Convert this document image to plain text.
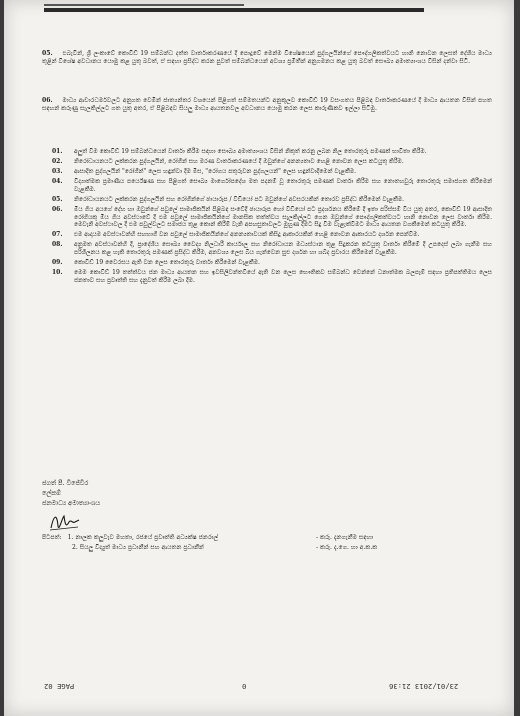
05. එබැවින්, ශ්‍රී ලංකාවේ කොවිඩ් 19 සම්බන්ධ දත්ත වාර්තාකරණයේ දී පොදුවේ මෙන්ම විශේෂයෙන් පුද්ගලයින්ගේ පෞද්ගලිකත්වයට හානි නොවන ලෙසත් දේශීය මාධ්‍ය තුළින් විශේෂ අවධානය යොමු කළ යුතු බවත්, ඒ සඳහා ප්‍රසිද්ධ කරන පුවත් සම්බන්ධයෙන් අවශ්‍ය ප්‍රමිතීන් අනුගමනය කළ යුතු බවත් සෞඛ්‍ය අමාත්‍යාංශය විසින් දන්වා සිටී.
06. මාධ්‍ය ආචාරධර්මවලට අනුගත වෙමින් ජාත්‍යන්තර වශයෙන් පිළිගත් සම්මතයන්ට අනුකූලව කොවිඩ් 19 වසංගතය පිළිබඳ වාර්තාකරණයේ දී මාධ්‍ය ආයතන විසින් පහත සඳහන් කරුණු සැලකිල්ලට ගත යුතු අතර, ඒ පිළිබඳව සියලු මාධ්‍ය ආයතනවල අවධානය යොමු කරන ලෙස කාරුණිකව ඉල්ලා සිටිමු.
01. අලුත් වීම කොවිඩ් 19 සම්බන්ධයෙන් වාර්තා කිරීම සඳහා සෞඛ්‍ය අමාත්‍යාංශය විසින් නිකුත් කරනු ලබන නිල තොරතුරු පමණක් භාවිතා කිරීම.
02. නිරෝධායනයට ලක්කරන පුද්ගලයින්, රෝගීන් සහ මරණ වාර්තාකරණයේ දී ඔවුන්ගේ අනන්‍යතාව හෙළි නොවන ලෙස කටයුතු කිරීම.
03. ආසාදිත පුද්ගලයින් "රෝගීන්" ලෙස හඳුන්වා දීම මිස, "රෝගය පතුරුවන පුද්ගලයන්" ලෙස හඳුන්වාදීමෙන් වැළකීම.
04. විද්‍යාත්මක ප්‍රමාණීය පර්යේෂණ සහ පිළිගත් සෞඛ්‍ය මාර්ගෝපදේශ මත පදනම් වූ තොරතුරු පමණක් වාර්තා කිරීම සහ නොතහවුරු තොරතුරු සමාජගත කිරීමෙන් වැළකීම.
05. නිරෝධායනයට ලක්කරන පුද්ගලයින් සහ රෝගීන්ගේ ඡායාරූප / වීඩියෝ පට ඔවුන්ගේ අවසරයකින් තොරව ප්‍රසිද්ධ කිරීමෙන් වැළකීම.
06. මිය ගිය අයගේ දේහ හා ඔවුන්ගේ පවුලේ සාමාජිකයින් පිළිබඳ සංවේදී ඡායාරූප හෝ වීඩියෝ පට ප්‍රදර්ශනය කිරීමේ දී ඉතා පරිස්සම් විය යුතු අතර, කොවිඩ් 19 ආසාදිත රෝගියකු මිය ගිය අවස්ථාවේ දී එම පවුලේ සාමාජිකයින්ගේ මානසික තත්ත්වය සැලකිල්ලට ගෙන ඔවුන්ගේ පෞද්ගලිකත්වයට හානි නොවන ලෙස වාර්තා කිරීම. මෙවැනි අවස්ථාවල දී එම පවුල්වලට සමාජය තුළ කොන් කිරීම් වැනි අපහසුතාවලට මුහුණ දීමට සිදු වීම වැළැක්වීමට මාධ්‍ය ආයතන වගකීමෙන් කටයුතු කිරීම.
07. එම ආදායම අවස්ථාවන්හි සහභාගී වන පවුලේ සාමාජිකයින්ගේ අනන්‍යතාවයක් කිසිදු ආකාරයකින් හෙළි නොවන ආකාරයට දර්ශන පෙන්වීම.
08. අනුමත අවස්ථාවන්හි දී, ප්‍රාදේශීය සෞඛ්‍ය වෛද්‍ය නිලධාරී කාර්යාල සහ නිරෝධායන මධ්‍යස්ථාන තුළ සිදුකරන කටයුතු වාර්තා කිරීමේ දී උපදෙස් ලබා ගැනීම සහ පරිශීලනය කළ හැකි තොරතුරු පමණක් ප්‍රසිද්ධ කිරීම, අනවශ්‍ය ලෙස බිය ගැන්වෙන සුළු දර්ශන හා ශබ්ද ප්‍රචාරය කිරීමෙන් වැළකීම.
09. කොවිඩ් 19 වෛරසය ඇති වන ලෙස තොරතුරු වාර්තා කිරීමෙන් වැළකීම.
10. මෙම කොවිඩ් 19 තත්ත්වය ජන මාධ්‍ය ආයතන සහ ඉවසිලිවන්තවියේ ඇති වන ලෙස භෞතිකව සම්බන්ධ වෙන්නේ ධනාත්මක බලපෑම් සඳහා ප්‍රතිපත්තිමය ලෙස ජනතාව සහ ප්‍රවෘත්ති සහ දැනුවත් කිරීම ලබා දීම.
ජගත් පී. විජේවීර
ලේකම්
ජනමාධ්‍ය අමාත්‍යාංශය
පිටපත්: 1. නාලක කලුවැව මහතා, රජයේ ප්‍රවෘත්ති අධ්‍යක්ෂ ජනරාල්	- කරු. දැනගැනීම සඳහා
2. සියලු විද්‍යුත් මාධ්‍ය ප්‍රධානීන් සහ ආයතන ප්‍රධානීන්	- කරු. දැ.ගෙ. හා අ.ක.ක
PAGE 02	0	23/01/2013 21:36
